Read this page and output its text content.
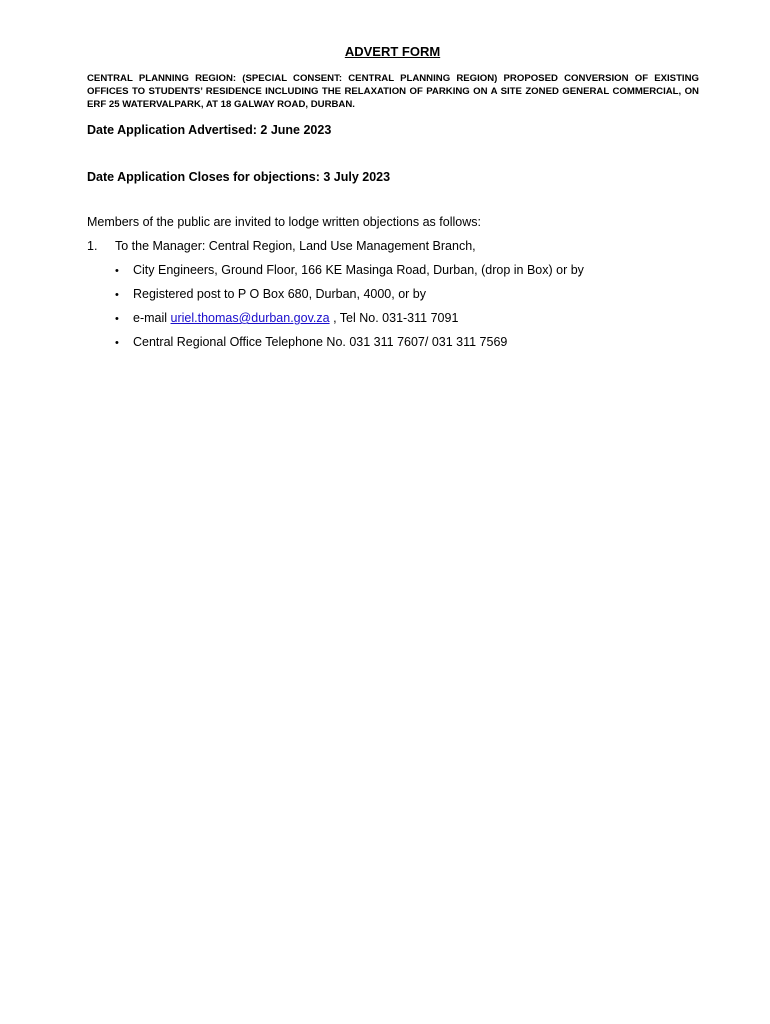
ADVERT FORM

CENTRAL PLANNING REGION: (SPECIAL CONSENT: CENTRAL PLANNING REGION) PROPOSED CONVERSION OF EXISTING OFFICES TO STUDENTS’ RESIDENCE INCLUDING THE RELAXATION OF PARKING ON A SITE ZONED GENERAL COMMERCIAL, ON ERF 25 WATERVALPARK, AT 18 GALWAY ROAD, DURBAN.

Date Application Advertised: 2 June 2023

Date Application Closes for objections: 3 July 2023

Members of the public are invited to lodge written objections as follows:

1. To the Manager: Central Region, Land Use Management Branch,

• City Engineers, Ground Floor, 166 KE Masinga Road, Durban, (drop in Box) or by
• Registered post to P O Box 680, Durban, 4000, or by
• e-mail uriel.thomas@durban.gov.za , Tel No. 031-311 7091
• Central Regional Office Telephone No. 031 311 7607/ 031 311 7569
